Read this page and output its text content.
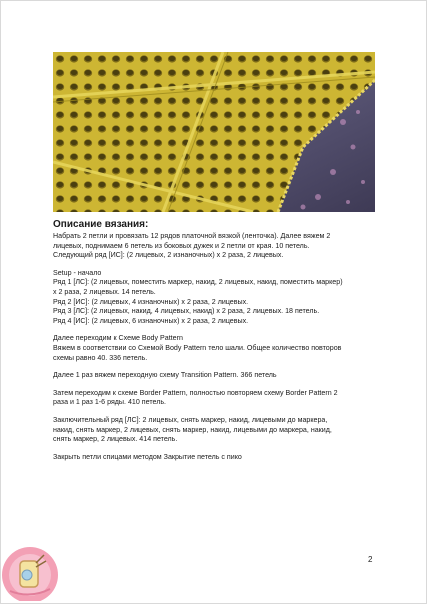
Описание вязания:
Набрать 2 петли и провязать 12 рядов платочной вязкой (ленточка). Далее вяжем 2
лицевых, поднимаем 6 петель из боковых дужек и 2 петли от края. 10 петель.
Следующий ряд [ИС]: (2 лицевых, 2 изнаночных) х 2 раза, 2 лицевых.
Setup - начало
Ряд 1 [ЛС]: (2 лицевых, поместить маркер, накид, 2 лицевых, накид, поместить маркер)
х 2 раза, 2 лицевых. 14 петель.
Ряд 2 [ИС]: (2 лицевых, 4 изнаночных) х 2 раза, 2 лицевых.
Ряд 3 [ЛС]: (2 лицевых, накид, 4 лицевых, накид) х 2 раза, 2 лицевых. 18 петель.
Ряд 4 [ИС]: (2 лицевых, 6 изнаночных) х 2 раза, 2 лицевых.
Далее переходим к Схеме Body Pattern
Вяжем в соответствии со Схемой Body Pattern тело шали. Общее количество повторов
схемы равно 40. 336 петель.
Далее 1 раз вяжем переходную схему Transition Pattern. 366 петель
Затем переходим к схеме Border Pattern, полностью повторяем схему Border Pattern 2
раза и 1 раз 1-6 ряды. 410 петель.
Заключительный ряд [ЛС]: 2 лицевых, снять маркер, накид, лицевыми до маркера,
накид, снять маркер, 2 лицевых, снять маркер, накид, лицевыми до маркера, накид,
снять маркер, 2 лицевых. 414 петель.
Закрыть петли спицами методом Закрытие петель с пико
2
